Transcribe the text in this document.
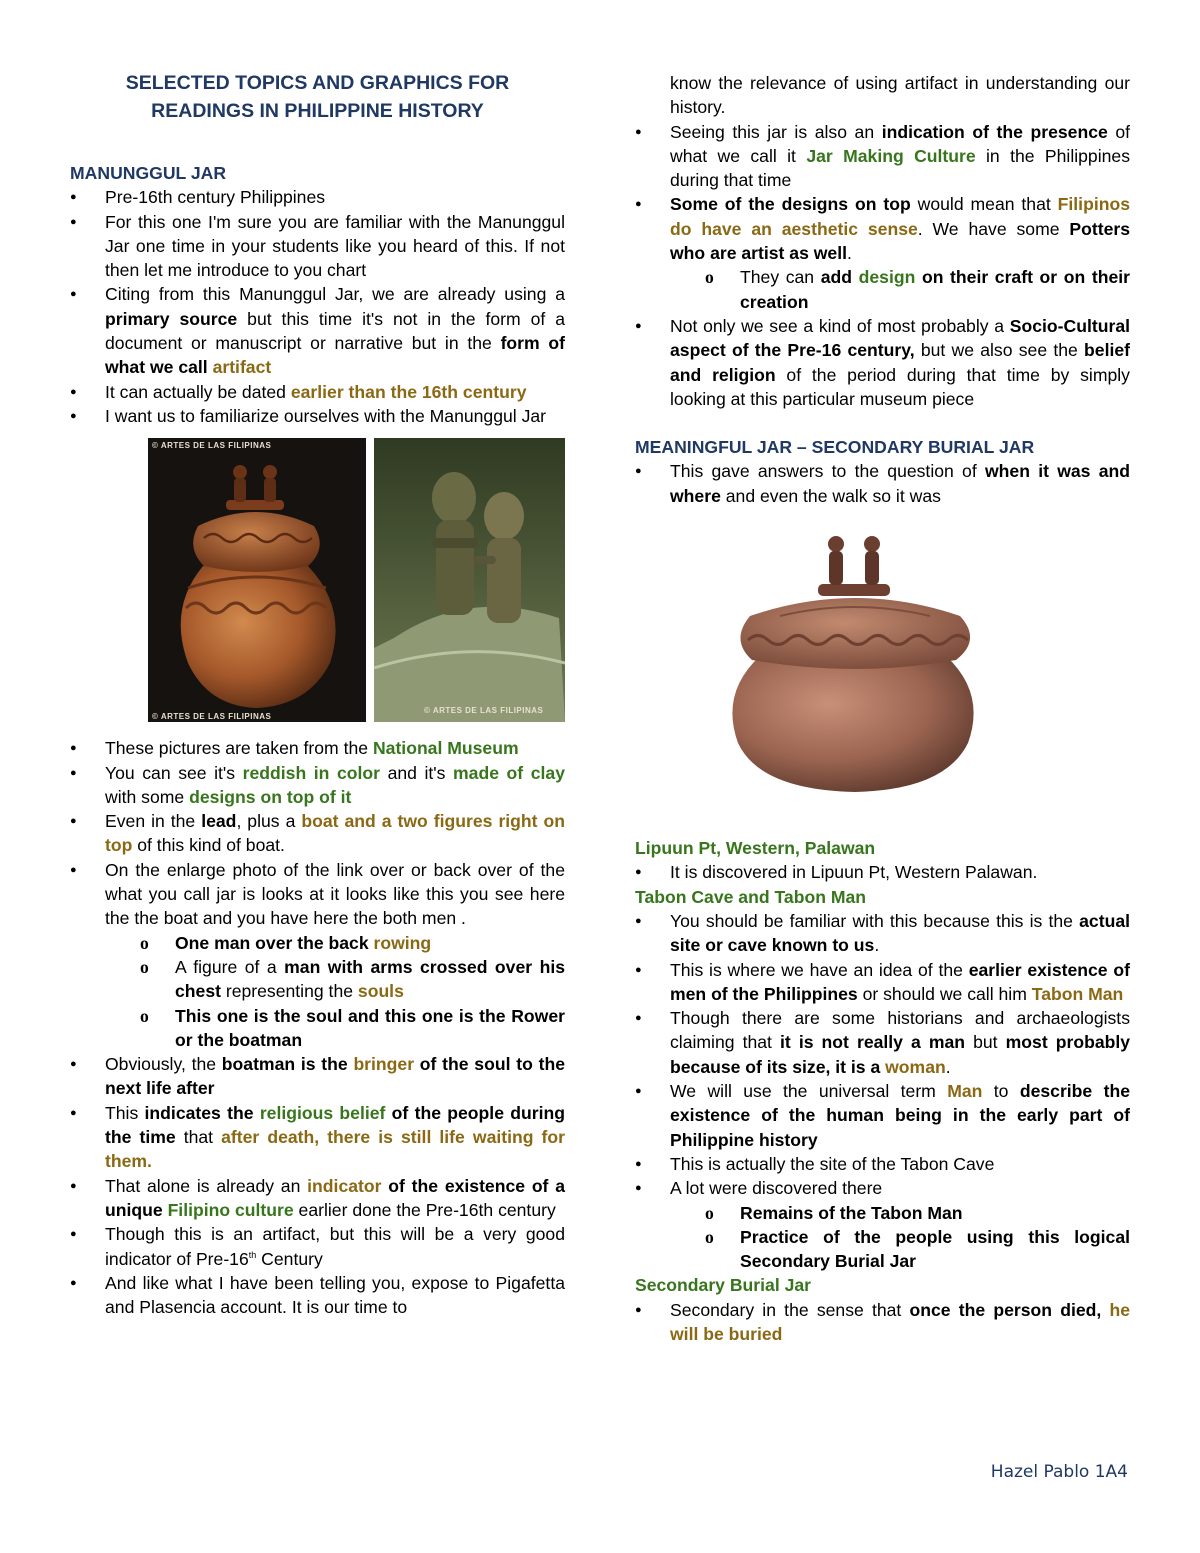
SELECTED TOPICS AND GRAPHICS FOR
READINGS IN PHILIPPINE HISTORY

MANUNGGUL JAR

● Pre-16th century Philippines
● For this one I'm sure you are familiar with the Manunggul Jar one time in your students like you heard of this. If not then let me introduce to you chart
● Citing from this Manunggul Jar, we are already using a primary source but this time it's not in the form of a document or manuscript or narrative but in the form of what we call artifact
● It can actually be dated earlier than the 16th century
● I want us to familiarize ourselves with the Manunggul Jar
© ARTES DE LAS FILIPINAS
© ARTES DE LAS FILIPINAS
© ARTES DE LAS FILIPINAS
● These pictures are taken from the National Museum
● You can see it's reddish in color and it's made of clay with some designs on top of it
● Even in the lead, plus a boat and a two figures right on top of this kind of boat.
● On the enlarge photo of the link over or back over of the what you call jar is looks at it looks like this you see here the the boat and you have here the both men .
o One man over the back rowing
o A figure of a man with arms crossed over his chest representing the souls
o This one is the soul and this one is the Rower or the boatman
● Obviously, the boatman is the bringer of the soul to the next life after
● This indicates the religious belief of the people during the time that after death, there is still life waiting for them.
● That alone is already an indicator of the existence of a unique Filipino culture earlier done the Pre-16th century
● Though this is an artifact, but this will be a very good indicator of Pre-16th Century
● And like what I have been telling you, expose to Pigafetta and Plasencia account. It is our time to
know the relevance of using artifact in understanding our history.
● Seeing this jar is also an indication of the presence of what we call it Jar Making Culture in the Philippines during that time
● Some of the designs on top would mean that Filipinos do have an aesthetic sense. We have some Potters who are artist as well.
o They can add design on their craft or on their creation
● Not only we see a kind of most probably a Socio-Cultural aspect of the Pre-16 century, but we also see the belief and religion of the period during that time by simply looking at this particular museum piece

MEANINGFUL JAR – SECONDARY BURIAL JAR

● This gave answers to the question of when it was and where and even the walk so it was

Lipuun Pt, Western, Palawan

● It is discovered in Lipuun Pt, Western Palawan.

Tabon Cave and Tabon Man

● You should be familiar with this because this is the actual site or cave known to us.
● This is where we have an idea of the earlier existence of men of the Philippines or should we call him Tabon Man
● Though there are some historians and archaeologists claiming that it is not really a man but most probably because of its size, it is a woman.
● We will use the universal term Man to describe the existence of the human being in the early part of Philippine history
● This is actually the site of the Tabon Cave
● A lot were discovered there
o Remains of the Tabon Man
o Practice of the people using this logical Secondary Burial Jar

Secondary Burial Jar

● Secondary in the sense that once the person died, he will be buried
Hazel Pablo 1A4
